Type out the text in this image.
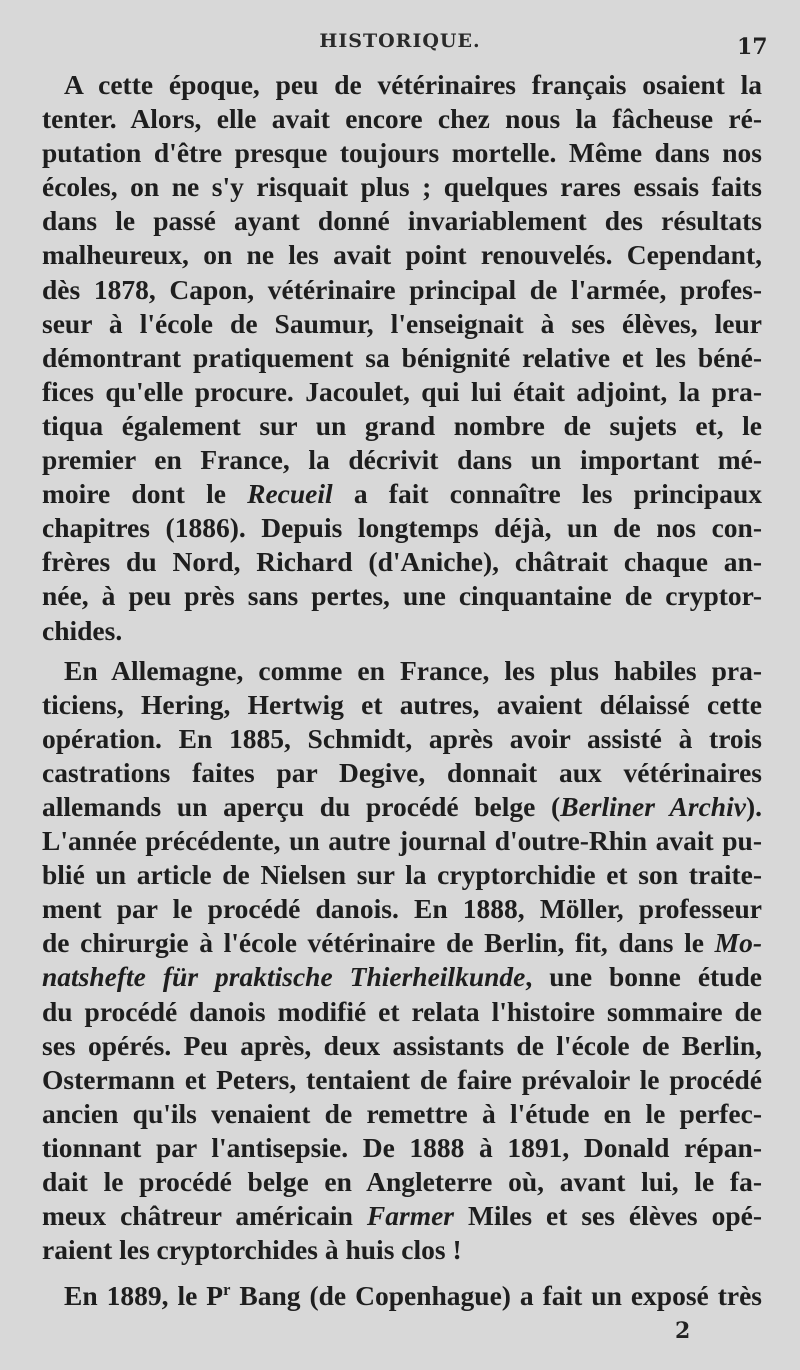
HISTORIQUE.	17
A cette époque, peu de vétérinaires français osaient la
tenter. Alors, elle avait encore chez nous la fâcheuse ré-
putation d'être presque toujours mortelle. Même dans nos
écoles, on ne s'y risquait plus ; quelques rares essais faits
dans le passé ayant donné invariablement des résultats
malheureux, on ne les avait point renouvelés. Cependant,
dès 1878, Capon, vétérinaire principal de l'armée, profes-
seur à l'école de Saumur, l'enseignait à ses élèves, leur
démontrant pratiquement sa bénignité relative et les béné-
fices qu'elle procure. Jacoulet, qui lui était adjoint, la pra-
tiqua également sur un grand nombre de sujets et, le
premier en France, la décrivit dans un important mé-
moire dont le Recueil a fait connaître les principaux
chapitres (1886). Depuis longtemps déjà, un de nos con-
frères du Nord, Richard (d'Aniche), châtrait chaque an-
née, à peu près sans pertes, une cinquantaine de cryptor-
chides.
En Allemagne, comme en France, les plus habiles pra-
ticiens, Hering, Hertwig et autres, avaient délaissé cette
opération. En 1885, Schmidt, après avoir assisté à trois
castrations faites par Degive, donnait aux vétérinaires
allemands un aperçu du procédé belge (Berliner Archiv).
L'année précédente, un autre journal d'outre-Rhin avait pu-
blié un article de Nielsen sur la cryptorchidie et son traite-
ment par le procédé danois. En 1888, Möller, professeur
de chirurgie à l'école vétérinaire de Berlin, fit, dans le Mo-
natshefte für praktische Thierheilkunde, une bonne étude
du procédé danois modifié et relata l'histoire sommaire de
ses opérés. Peu après, deux assistants de l'école de Berlin,
Ostermann et Peters, tentaient de faire prévaloir le procédé
ancien qu'ils venaient de remettre à l'étude en le perfec-
tionnant par l'antisepsie. De 1888 à 1891, Donald répan-
dait le procédé belge en Angleterre où, avant lui, le fa-
meux châtreur américain Farmer Miles et ses élèves opé-
raient les cryptorchides à huis clos !
En 1889, le $P^r$ Bang (de Copenhague) a fait un exposé très
2
